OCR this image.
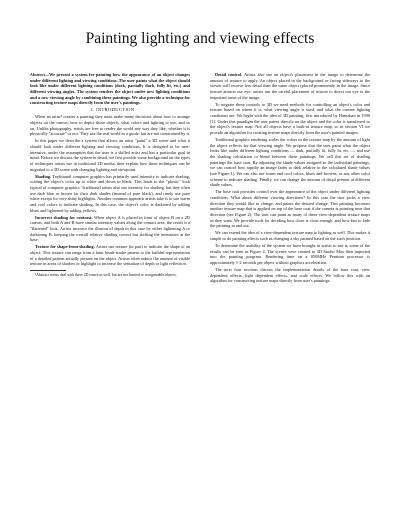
Painting lighting and viewing effects

Abstract—We present a system for painting how the appearance of an object changes under different lighting and viewing conditions. The user paints what the object should look like under different lighting conditions (dark, partially dark, fully lit, etc.) and different viewing angles. The system renders the object under new lighting conditions and a new viewing angle by combining these paintings. We also provide a technique for constructing texture maps directly from the user's paintings.

1. INTRODUCTION

When an artist¹ creates a painting they must make many decisions about how to arrange objects on the canvas, how to depict those objects, what colors and lighting to use, and so on. Unlike photography, artists are free to render the world any way they like, whether it is physically "accurate" or not. They use the real world as a guide, but are not constrained by it.

In this paper we describe a system that allows an artist "paint" a 3D scene and what it should look under different lighting and viewing conditions. It is designed to be user-intensive, under the assumption that the user is a skilled artist and has a particular goal in mind. Before we discuss the system in detail, we first provide some background on the types of techniques artists use in traditional 2D media, then explain how these techniques can be migrated to a 3D scene with changing lighting and viewpoint.

Shading. Traditional computer graphics has primarily used intensity to indicate shading, scaling the object's color up to white and down to black. This leads to the "plastic" look typical of computer graphics. Traditional artists also use intensity for shading, but they often use dark blue or brown for their dark shades (instead of pure black), and rarely use pure white except for very shiny highlights. Another common approach artists take is to use warm and cool colors to indicate shading. In this case, the object's color is darkened by adding blues and lightened by adding yellows.

Incorrect shading for contrast. When object A is placed in front of object B on a 2D canvas, and both A and B have similar intensity values along the contact area, the result is a "flattened" look. Artists increase the illusion of depth in this case by either lightening A or darkening B, keeping the overall relative shading correct but shifting the intensities at the base.

Texture for shape-from-shading. Artists use texture (in part) to indicate the shape of an object. This texture can range from a faint brush-stroke pattern to the faithful representation of a detailed pattern actually present on the object. Artists often reduce the amount of visible texture in areas of shadow or highlight to increase the sensation of depth or light reflection.

¹Abstract artists deal with these 2D issues as well, but are not limited to recognizable objects.

Detail control. Artists also use an object's placement in the image to determine the amount of texture to apply. An object placed in the background or facing sideways to the viewer will receive less detail than the same object (placed prominently in the image. Since texture attracts our eye, artists use the careful placement of texture to direct our eye to the important areas of the image.

To migrate these controls to 3D we need methods for controlling an object's color and texture based on where it is, what viewing angle is used, and what the current lighting conditions are. We begin with the idea of 3D painting, first introduced by Hanrahan in 1990 [1]. Under this paradigm the user paints directly on the object and the color is transferred to the object's texture map. Not all objects have a built-in texture map, so in section VI we provide an algorithm for creating texture maps directly from the user's painted images.

Traditional graphics rendering scales the colors in the texture map by the amount of light the object reflects for that viewing angle. We propose that the user paint what the object looks like under different lighting conditions — dark, partially lit, fully lit, etc. — and use the shading calculation to blend between these paintings. We call this set of shading paintings the base coat. By adjusting the shade values assigned to the individual paintings, we can control how rapidly an image fades to dark relative to the calculated shade values (see Figure 1). We can also use warm and cool colors, blues and browns, or any other color scheme to indicate shading. Finally, we can change the amount of detail present at different shade values.

The base coat provides control over the appearance of the object under different lighting conditions. What about different viewing directions? In this case the user picks a view direction they would like to change, and paints the desired change. This painting becomes another texture map that is applied on top of the base coat if the camera is pointing near that direction (see Figure 2). The user can paint as many of these view-dependent texture maps as they want. We provide tools for deciding how close is close enough, and how fast to fade the painting in and out.

We can extend the idea of a view-dependent texture map to lighting as well. This makes it simple to do painting effects such as changing a sky painted based on the sun's position.

To determine the usability of the system we have brought in artists to use it; some of the results can be seen in Figure 4. The scenes were created in 3D Studio Max then imported into the painting program. Rendering time on a 850MHz Pentium processor is approximately 1-2 seconds per object without graphics acceleration.

The next four sections discuss the implementation details of the base coat, view dependent effects, light dependent effects, and scale effects. We follow this with an algorithm for constructing texture maps directly from user's paintings.
